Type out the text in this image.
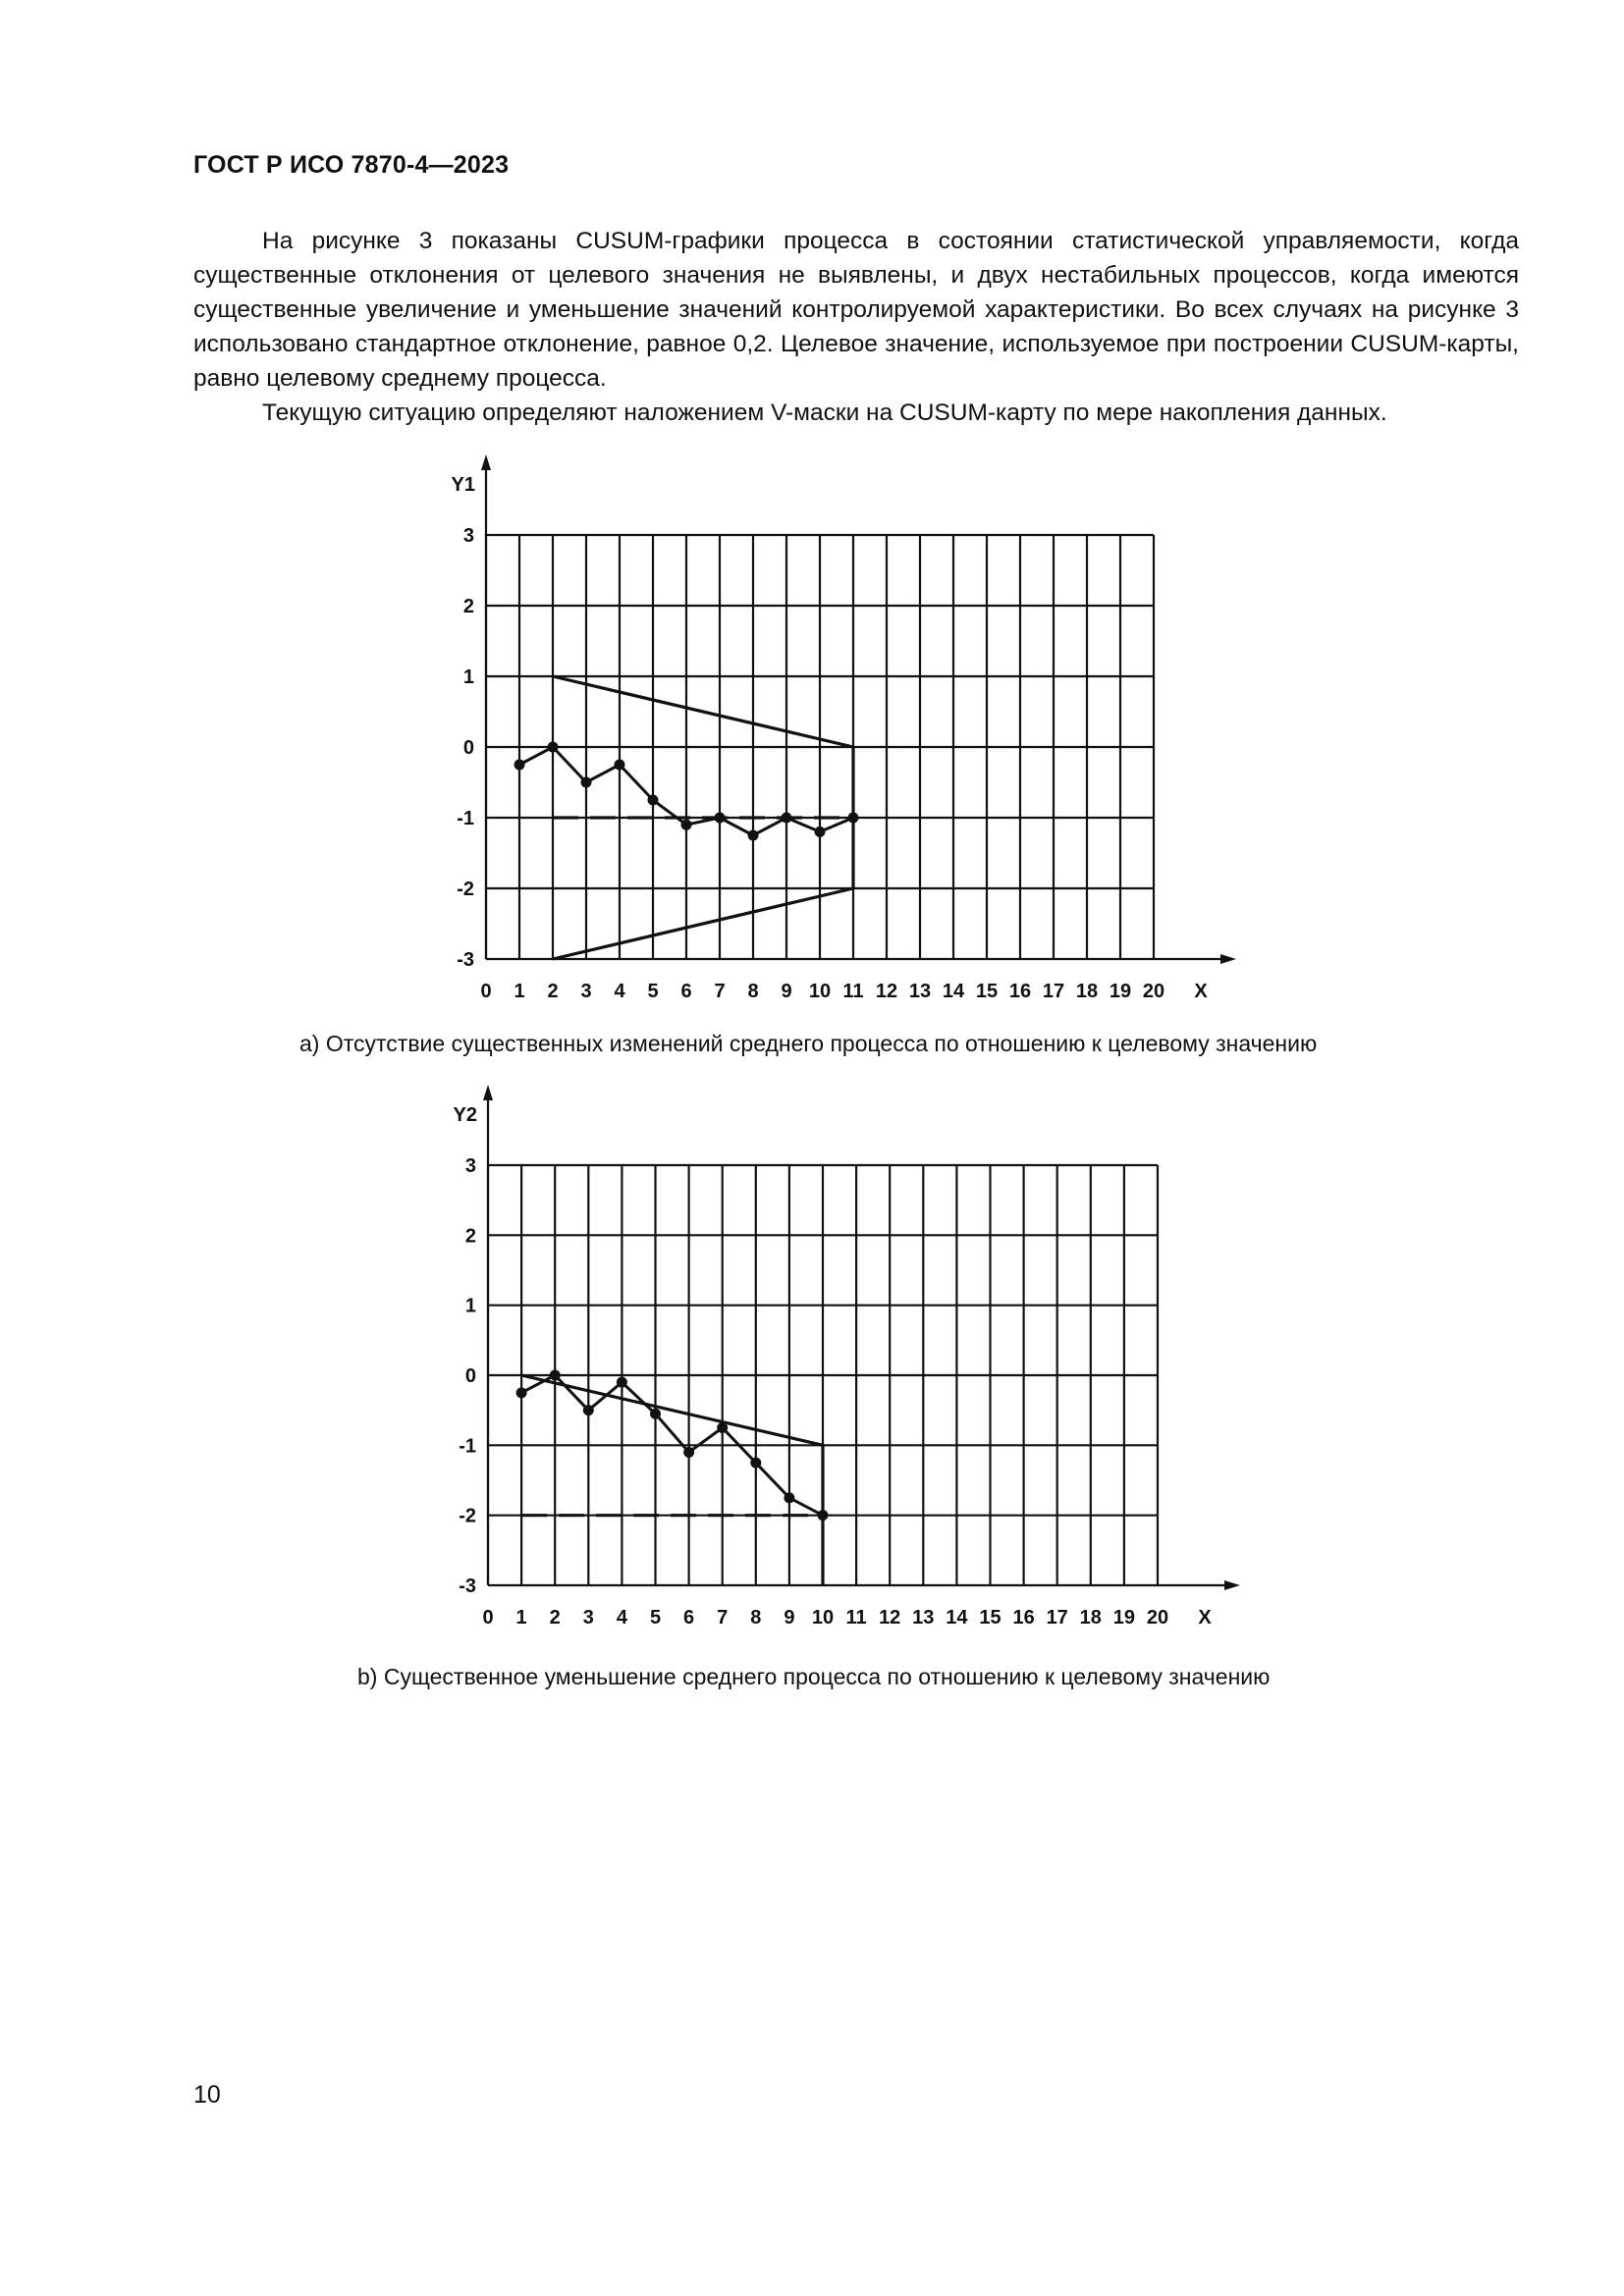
ГОСТ Р ИСО 7870-4—2023

На рисунке 3 показаны CUSUM-графики процесса в состоянии статистической управляемости, когда существенные отклонения от целевого значения не выявлены, и двух нестабильных процессов, когда имеются существенные увеличение и уменьшение значений контролируемой характеристики. Во всех случаях на рисунке 3 использовано стандартное отклонение, равное 0,2. Целевое значение, используемое при построении CUSUM-карты, равно целевому среднему процесса.

Текущую ситуацию определяют наложением V-маски на CUSUM-карту по мере накопления данных.

0 1 2 3 4 5 6 7 8 9 10 11 12 13 14 15 16 17 18 19 20
3
2
1
0
-1
-2
-3
X
Y1
а) Отсутствие существенных изменений среднего процесса по отношению к целевому значению
0 1 2 3 4 5 6 7 8 9 10 11 12 13 14 15 16 17 18 19 20
3
2
1
0
-1
-2
-3
X
Y2
b) Существенное уменьшение среднего процесса по отношению к целевому значению
10
